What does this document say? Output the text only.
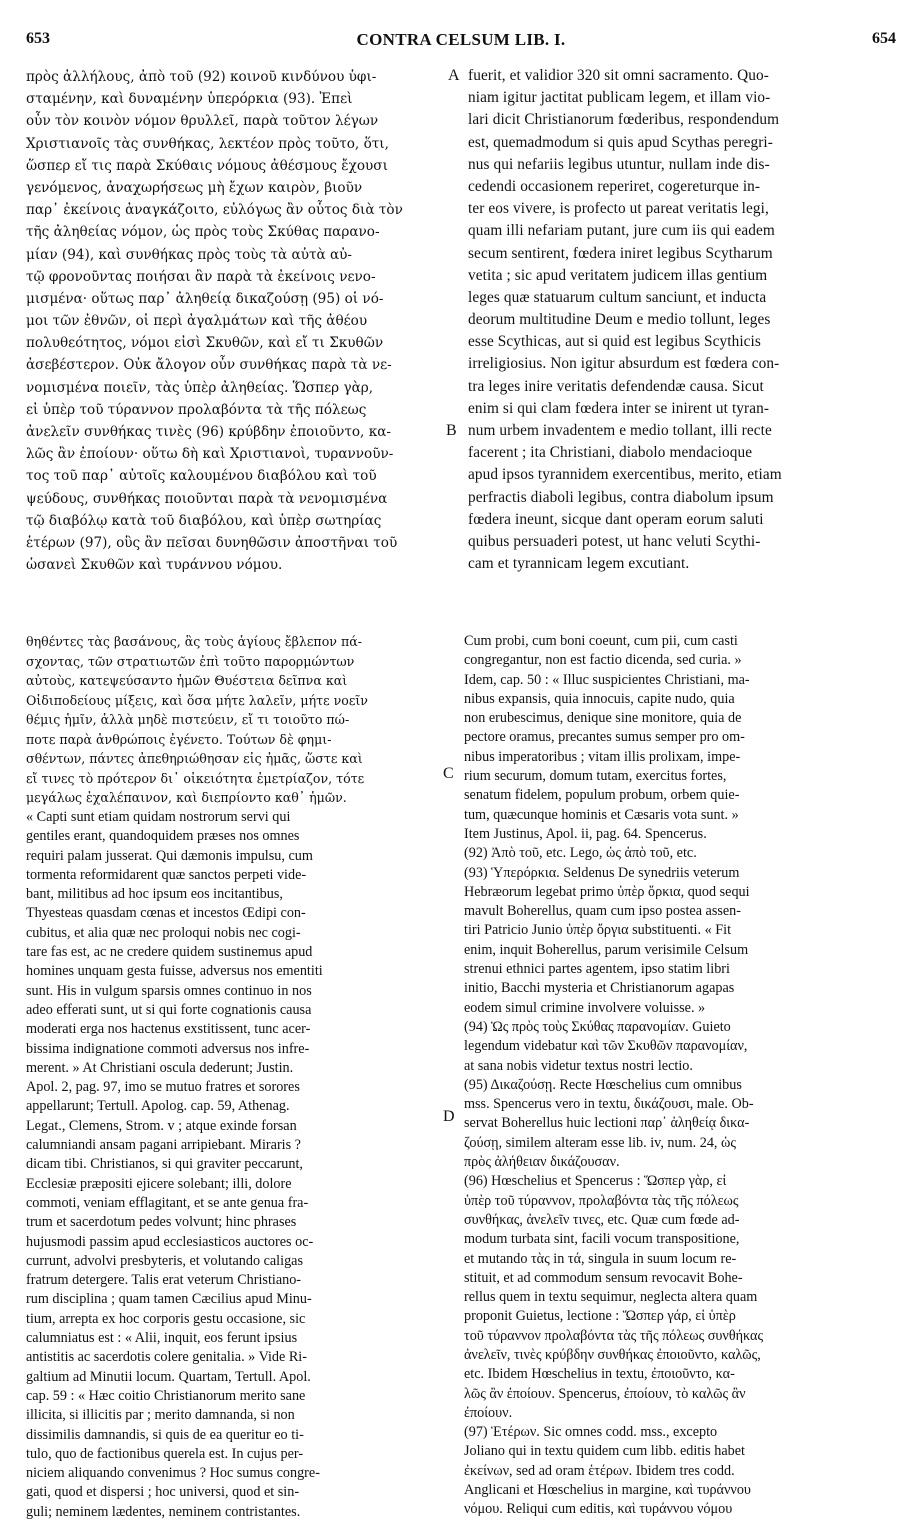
653	CONTRA CELSUM LIB. I.	654
πρὸς ἀλλήλους, ἀπὸ τοῦ (92) κοινοῦ κινδύνου ὑφι-
σταμένην, καὶ δυναμένην ὑπερόρκια (93). Ἐπεὶ
οὖν τὸν κοινὸν νόμον θρυλλεῖ, παρὰ τοῦτον λέγων
Χριστιανοῖς τὰς συνθήκας, λεκτέον πρὸς τοῦτο, ὅτι,
ὥσπερ εἴ τις παρὰ Σκύθαις νόμους ἀθέσμους ἔχουσι
γενόμενος, ἀναχωρήσεως μὴ ἔχων καιρὸν, βιοῦν
παρ᾽ ἐκείνοις ἀναγκάζοιτο, εὐλόγως ἂν οὗτος διὰ τὸν
τῆς ἀληθείας νόμον, ὡς πρὸς τοὺς Σκύθας παρανο-
μίαν (94), καὶ συνθήκας πρὸς τοὺς τὰ αὐτὰ αὐ-
τῷ φρονοῦντας ποιήσαι ἂν παρὰ τὰ ἐκείνοις νενο-
μισμένα· οὕτως παρ᾽ ἀληθείᾳ δικαζούσῃ (95) οἱ νό-
μοι τῶν ἐθνῶν, οἱ περὶ ἀγαλμάτων καὶ τῆς ἀθέου
πολυθεότητος, νόμοι εἰσὶ Σκυθῶν, καὶ εἴ τι Σκυθῶν
ἀσεβέστερον. Οὐκ ἄλογον οὖν συνθήκας παρὰ τὰ νε-
νομισμένα ποιεῖν, τὰς ὑπὲρ ἀληθείας. Ὥσπερ γὰρ,
εἰ ὑπὲρ τοῦ τύραννον προλαβόντα τὰ τῆς πόλεως
ἀνελεῖν συνθήκας τινὲς (96) κρύβδην ἐποιοῦντο, κα-
λῶς ἂν ἐποίουν· οὕτω δὴ καὶ Χριστιανοὶ, τυραννοῦν-
τος τοῦ παρ᾽ αὐτοῖς καλουμένου διαβόλου καὶ τοῦ
ψεύδους, συνθήκας ποιοῦνται παρὰ τὰ νενομισμένα
τῷ διαβόλῳ κατὰ τοῦ διαβόλου, καὶ ὑπὲρ σωτηρίας
ἑτέρων (97), οὓς ἂν πεῖσαι δυνηθῶσιν ἀποστῆναι τοῦ
ὡσανεὶ Σκυθῶν καὶ τυράννου νόμου.
fuerit, et validior 320 sit omni sacramento. Quo-
niam igitur jactitat publicam legem, et illam vio-
lari dicit Christianorum fœderibus, respondendum
est, quemadmodum si quis apud Scythas peregri-
nus qui nefariis legibus utuntur, nullam inde dis-
cedendi occasionem reperiret, cogereturque in-
ter eos vivere, is profecto ut pareat veritatis legi,
quam illi nefariam putant, jure cum iis qui eadem
secum sentirent, fœdera iniret legibus Scytharum
vetita ; sic apud veritatem judicem illas gentium
leges quæ statuarum cultum sanciunt, et inducta
deorum multitudine Deum e medio tollunt, leges
esse Scythicas, aut si quid est legibus Scythicis
irreligiosius. Non igitur absurdum est fœdera con-
tra leges inire veritatis defendendæ causa. Sicut
enim si qui clam fœdera inter se inirent ut tyran-
num urbem invadentem e medio tollant, illi recte
facerent ; ita Christiani, diabolo mendacioque
apud ipsos tyrannidem exercentibus, merito, etiam
perfractis diaboli legibus, contra diabolum ipsum
fœdera ineunt, sicque dant operam eorum saluti
quibus persuaderi potest, ut hanc veluti Scythi-
cam et tyrannicam legem excutiant.
A
B
C
D
θηθέντες τὰς βασάνους, ἃς τοὺς ἁγίους ἔβλεπον πά-
σχοντας, τῶν στρατιωτῶν ἐπὶ τοῦτο παρορμώντων
αὐτοὺς, κατεψεύσαντο ἡμῶν Θυέστεια δεῖπνα καὶ
Οἰδιποδείους μίξεις, καὶ ὅσα μήτε λαλεῖν, μήτε νοεῖν
θέμις ἡμῖν, ἀλλὰ μηδὲ πιστεύειν, εἴ τι τοιοῦτο πώ-
ποτε παρὰ ἀνθρώποις ἐγένετο. Τούτων δὲ φημι-
σθέντων, πάντες ἀπεθηριώθησαν εἰς ἡμᾶς, ὥστε καὶ
εἴ τινες τὸ πρότερον δι᾽ οἰκειότητα ἐμετρίαζον, τότε
μεγάλως ἐχαλέπαινον, καὶ διεπρίοντο καθ᾽ ἡμῶν.
« Capti sunt etiam quidam nostrorum servi qui
gentiles erant, quandoquidem præses nos omnes
requiri palam jusserat. Qui dæmonis impulsu, cum
tormenta reformidarent quæ sanctos perpeti vide-
bant, militibus ad hoc ipsum eos incitantibus,
Thyesteas quasdam cœnas et incestos Œdipi con-
cubitus, et alia quæ nec proloqui nobis nec cogi-
tare fas est, ac ne credere quidem sustinemus apud
homines unquam gesta fuisse, adversus nos ementiti
sunt. His in vulgum sparsis omnes continuo in nos
adeo efferati sunt, ut si qui forte cognationis causa
moderati erga nos hactenus exstitissent, tunc acer-
bissima indignatione commoti adversus nos infre-
merent. » At Christiani oscula dederunt; Justin.
Apol. 2, pag. 97, imo se mutuo fratres et sorores
appellarunt; Tertull. Apolog. cap. 59, Athenag.
Legat., Clemens, Strom. v ; atque exinde forsan
calumniandi ansam pagani arripiebant. Miraris ?
dicam tibi. Christianos, si qui graviter peccarunt,
Ecclesiæ præpositi ejicere solebant; illi, dolore
commoti, veniam efflagitant, et se ante genua fra-
trum et sacerdotum pedes volvunt; hinc phrases
hujusmodi passim apud ecclesiasticos auctores oc-
currunt, advolvi presbyteris, et volutando caligas
fratrum detergere. Talis erat veterum Christiano-
rum disciplina ; quam tamen Cæcilius apud Minu-
tium, arrepta ex hoc corporis gestu occasione, sic
calumniatus est : « Alii, inquit, eos ferunt ipsius
antistitis ac sacerdotis colere genitalia. » Vide Ri-
galtium ad Minutii locum. Quartam, Tertull. Apol.
cap. 59 : « Hæc coitio Christianorum merito sane
illicita, si illicitis par ; merito damnanda, si non
dissimilis damnandis, si quis de ea queritur eo ti-
tulo, quo de factionibus querela est. In cujus per-
niciem aliquando convenimus ? Hoc sumus congre-
gati, quod et dispersi ; hoc universi, quod et sin-
guli; neminem lædentes, neminem contristantes.
Cum probi, cum boni coeunt, cum pii, cum casti
congregantur, non est factio dicenda, sed curia. »
Idem, cap. 50 : « Illuc suspicientes Christiani, ma-
nibus expansis, quia innocuis, capite nudo, quia
non erubescimus, denique sine monitore, quia de
pectore oramus, precantes sumus semper pro om-
nibus imperatoribus ; vitam illis prolixam, impe-
rium securum, domum tutam, exercitus fortes,
senatum fidelem, populum probum, orbem quie-
tum, quæcunque hominis et Cæsaris vota sunt. »
Item Justinus, Apol. ii, pag. 64. Spencerus.
(92) Ἀπὸ τοῦ, etc. Lego, ὡς ἀπὸ τοῦ, etc.
(93) Ὑπερόρκια. Seldenus De synedriis veterum
Hebræorum legebat primo ὑπὲρ ὅρκια, quod sequi
mavult Boherellus, quam cum ipso postea assen-
tiri Patricio Junio ὑπὲρ ὄργια substituenti. « Fit
enim, inquit Boherellus, parum verisimile Celsum
strenui ethnici partes agentem, ipso statim libri
initio, Bacchi mysteria et Christianorum agapas
eodem simul crimine involvere voluisse. »
(94) Ὡς πρὸς τοὺς Σκύθας παρανομίαν. Guieto
legendum videbatur καὶ τῶν Σκυθῶν παρανομίαν,
at sana nobis videtur textus nostri lectio.
(95) Δικαζούσῃ. Recte Hœschelius cum omnibus
mss. Spencerus vero in textu, δικάζουσι, male. Ob-
servat Boherellus huic lectioni παρ᾽ ἀληθείᾳ δικα-
ζούσῃ, similem alteram esse lib. iv, num. 24, ὡς
πρὸς ἀλήθειαν δικάζουσαν.
(96) Hœschelius et Spencerus : Ὥσπερ γὰρ, εἰ
ὑπὲρ τοῦ τύραννον, προλαβόντα τὰς τῆς πόλεως
συνθήκας, ἀνελεῖν τινες, etc. Quæ cum fœde ad-
modum turbata sint, facili vocum transpositione,
et mutando τὰς in τά, singula in suum locum re-
stituit, et ad commodum sensum revocavit Bohe-
rellus quem in textu sequimur, neglecta altera quam
proponit Guietus, lectione : Ὥσπερ γάρ, εἰ ὑπὲρ
τοῦ τύραννον προλαβόντα τὰς τῆς πόλεως συνθήκας
ἀνελεῖν, τινὲς κρύβδην συνθήκας ἐποιοῦντο, καλῶς,
etc. Ibidem Hœschelius in textu, ἐποιοῦντο, κα-
λῶς ἂν ἐποίουν. Spencerus, ἐποίουν, τὸ καλῶς ἂν
ἐποίουν.
(97) Ἑτέρων. Sic omnes codd. mss., excepto
Joliano qui in textu quidem cum libb. editis habet
ἐκείνων, sed ad oram ἑτέρων. Ibidem tres codd.
Anglicani et Hœschelius in margine, καὶ τυράννου
νόμου. Reliqui cum editis, καὶ τυράννου νόμου
